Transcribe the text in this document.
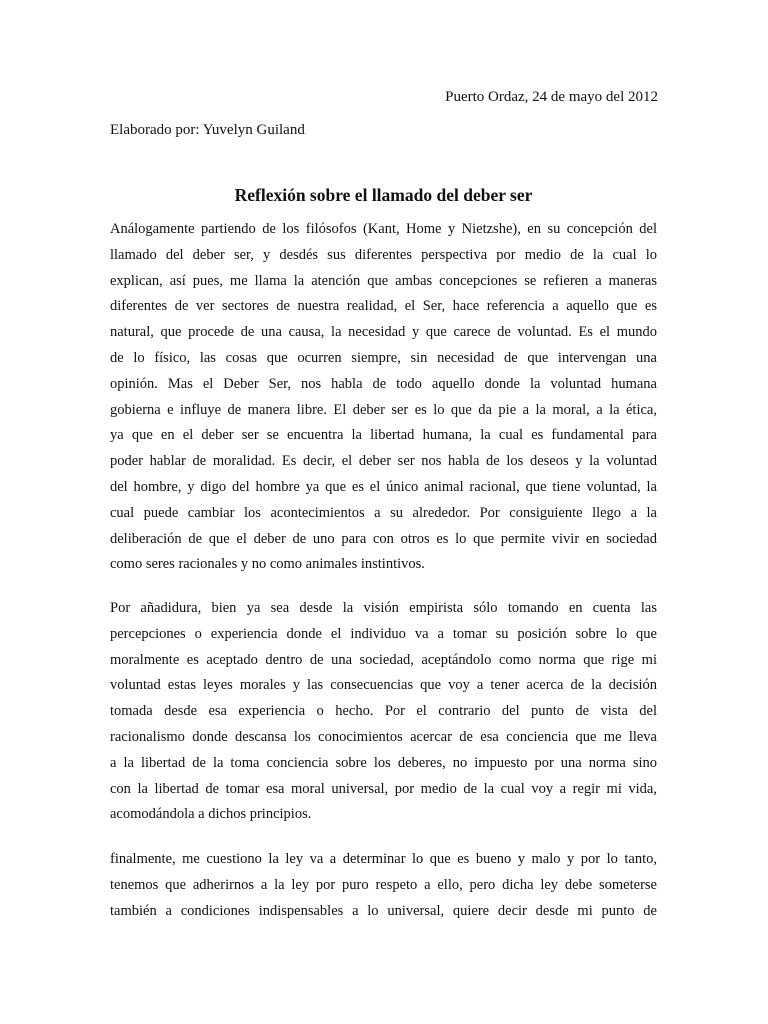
Puerto Ordaz, 24 de mayo del 2012
Elaborado por: Yuvelyn Guiland
Reflexión sobre el llamado del deber ser
Análogamente partiendo de los filósofos (Kant, Home y Nietzshe), en su concepción del
llamado del deber ser, y desdés sus diferentes perspectiva por medio de la cual lo
explican, así pues, me llama la atención que ambas concepciones se refieren a maneras
diferentes de ver sectores de nuestra realidad, el Ser, hace referencia a aquello que es
natural, que procede de una causa, la necesidad y que carece de voluntad. Es el mundo
de lo físico, las cosas que ocurren siempre, sin necesidad de que intervengan una
opinión. Mas el Deber Ser, nos habla de todo aquello donde la voluntad humana
gobierna e influye de manera libre. El deber ser es lo que da pie a la moral, a la ética,
ya que en el deber ser se encuentra la libertad humana, la cual es fundamental para
poder hablar de moralidad. Es decir, el deber ser nos habla de los deseos y la voluntad
del hombre, y digo del hombre ya que es el único animal racional, que tiene voluntad, la
cual puede cambiar los acontecimientos a su alrededor. Por consiguiente llego a la
deliberación de que el deber de uno para con otros es lo que permite vivir en sociedad
como seres racionales y no como animales instintivos.
Por añadidura, bien ya sea desde la visión empirista sólo tomando en cuenta las
percepciones o experiencia donde el individuo va a tomar su posición sobre lo que
moralmente es aceptado dentro de una sociedad, aceptándolo como norma que rige mi
voluntad estas leyes morales y las consecuencias que voy a tener acerca de la decisión
tomada desde esa experiencia o hecho. Por el contrario del punto de vista del
racionalismo donde descansa los conocimientos acercar de esa conciencia que me lleva
a la libertad de la toma conciencia sobre los deberes, no impuesto por una norma sino
con la libertad de tomar esa moral universal, por medio de la cual voy a regir mi vida,
acomodándola a dichos principios.
finalmente, me cuestiono la ley va a determinar lo que es bueno y malo y por lo tanto,
tenemos que adherirnos a la ley por puro respeto a ello, pero dicha ley debe someterse
también a condiciones indispensables a lo universal, quiere decir desde mi punto de
